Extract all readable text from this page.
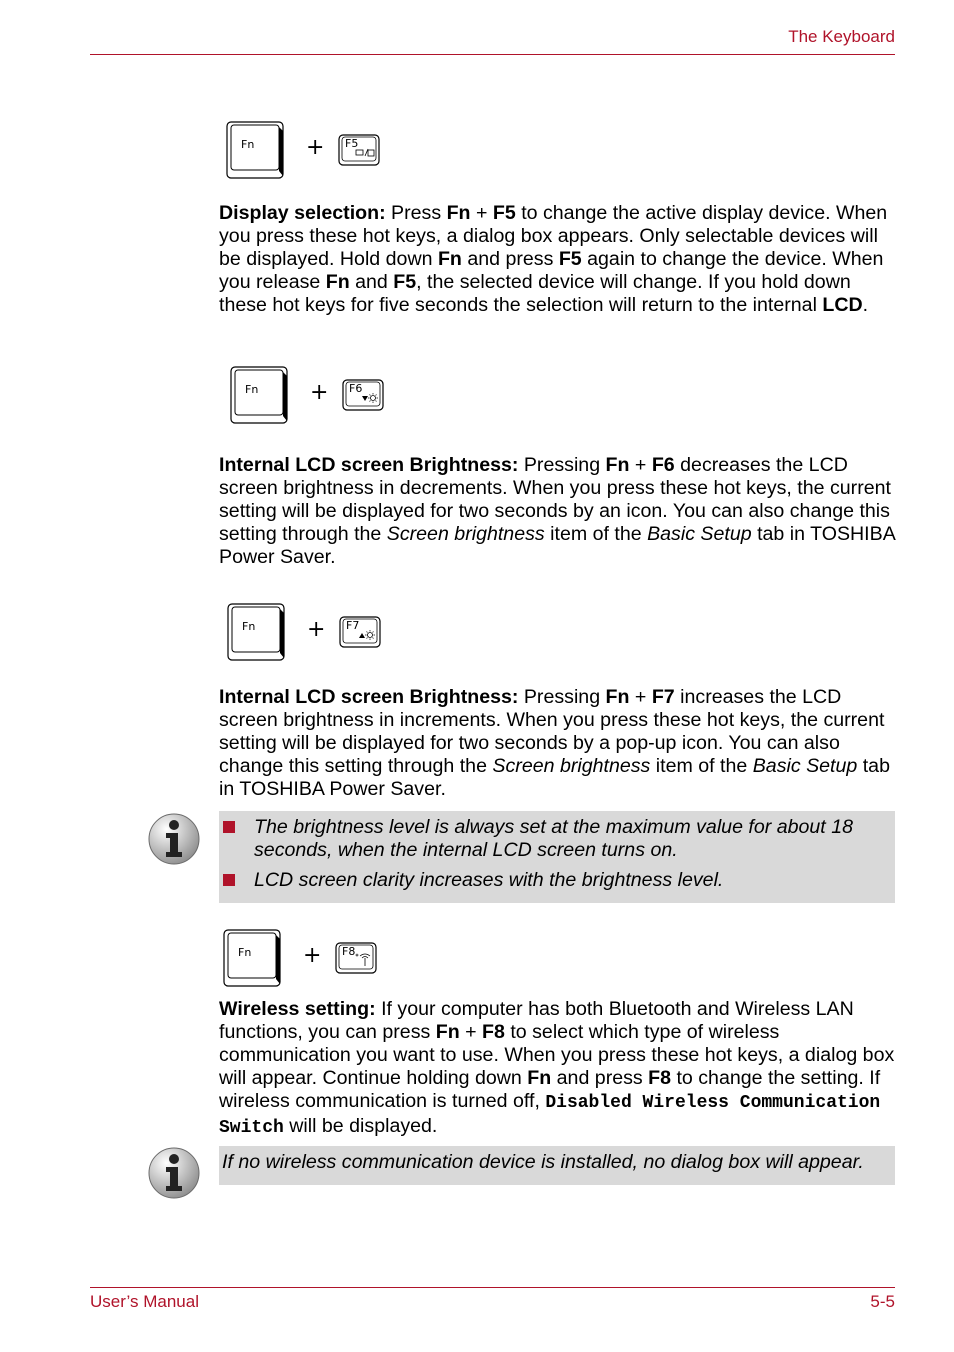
The Keyboard
Fn + F5

Display selection: Press Fn + F5 to change the active display device. When you press these hot keys, a dialog box appears. Only selectable devices will be displayed. Hold down Fn and press F5 again to change the device. When you release Fn and F5, the selected device will change. If you hold down these hot keys for five seconds the selection will return to the internal LCD.

Fn + F6

Internal LCD screen Brightness: Pressing Fn + F6 decreases the LCD screen brightness in decrements. When you press these hot keys, the current setting will be displayed for two seconds by an icon. You can also change this setting through the Screen brightness item of the Basic Setup tab in TOSHIBA Power Saver.

Fn + F7

Internal LCD screen Brightness: Pressing Fn + F7 increases the LCD screen brightness in increments. When you press these hot keys, the current setting will be displayed for two seconds by a pop-up icon. You can also change this setting through the Screen brightness item of the Basic Setup tab in TOSHIBA Power Saver.

The brightness level is always set at the maximum value for about 18 seconds, when the internal LCD screen turns on.
LCD screen clarity increases with the brightness level.
Fn + F8

Wireless setting: If your computer has both Bluetooth and Wireless LAN functions, you can press Fn + F8 to select which type of wireless communication you want to use. When you press these hot keys, a dialog box will appear. Continue holding down Fn and press F8 to change the setting. If wireless communication is turned off, Disabled Wireless Communication Switch will be displayed.

If no wireless communication device is installed, no dialog box will appear.
User’s Manual	5-5
